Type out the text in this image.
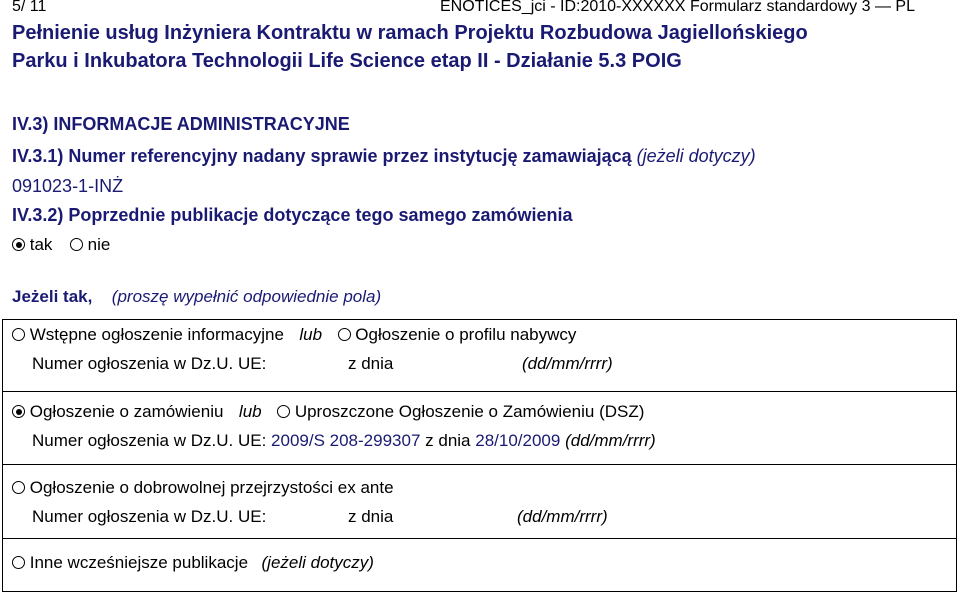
5/ 11	ENOTICES_jci - ID:2010-XXXXXX Formularz standardowy 3 — PL
Pełnienie usług Inżyniera Kontraktu w ramach Projektu Rozbudowa Jagiellońskiego
Parku i Inkubatora Technologii Life Science etap II - Działanie 5.3 POIG
IV.3) INFORMACJE ADMINISTRACYJNE
IV.3.1) Numer referencyjny nadany sprawie przez instytucję zamawiającą (jeżeli dotyczy)
091023-1-INŻ
IV.3.2) Poprzednie publikacje dotyczące tego samego zamówienia
tak nie
Jeżeli tak, (proszę wypełnić odpowiednie pola)
Wstępne ogłoszenie informacyjne lub Ogłoszenie o profilu nabywcy
Numer ogłoszenia w Dz.U. UE:	z dnia	(dd/mm/rrrr)
Ogłoszenie o zamówieniu lub Uproszczone Ogłoszenie o Zamówieniu (DSZ)
Numer ogłoszenia w Dz.U. UE: 2009/S 208-299307 z dnia 28/10/2009 (dd/mm/rrrr)
Ogłoszenie o dobrowolnej przejrzystości ex ante
Numer ogłoszenia w Dz.U. UE:	z dnia	(dd/mm/rrrr)
Inne wcześniejsze publikacje (jeżeli dotyczy)
